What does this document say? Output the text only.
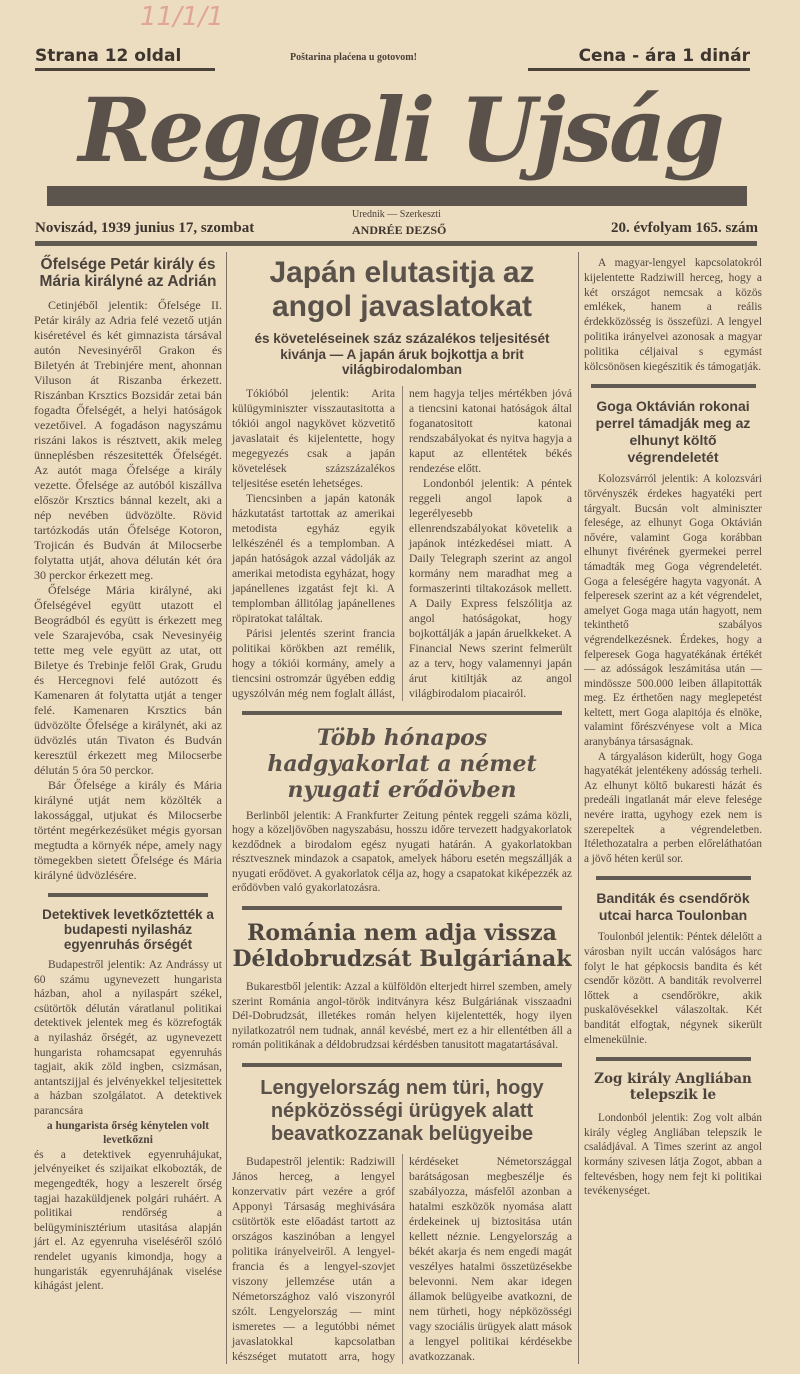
11/1/1
Strana 12 oldal	Poštarina plaćena u gotovom!	Cena - ára 1 dinár
Reggeli Ujság
Noviszád, 1939 junius 17, szombat
Urednik — Szerkeszti
ANDRÉE DEZSŐ	20. évfolyam 165. szám
Őfelsége Petár király és Mária királyné az Adrián

Cetinjéből jelentik: Őfelsége II. Petár király az Adria felé vezető utján kiséretével és két gimnazista társával autón Nevesinyéről Grakon és Biletyén át Trebinjére ment, ahonnan Viluson át Riszanba érkezett. Riszánban Krsztics Bozsidár zetai bán fogadta Őfelségét, a helyi hatóságok vezetőivel. A fogadáson nagyszámu riszáni lakos is résztvett, akik meleg ünneplésben részesitették Őfelségét. Az autót maga Őfelsége a király vezette. Őfelsége az autóból kiszállva először Krsztics bánnal kezelt, aki a nép nevében üdvözölte. Rövid tartózkodás után Őfelsége Kotoron, Trojicán és Budván át Milocserbe folytatta utját, ahova délután két óra 30 perckor érkezett meg.

Őfelsége Mária királyné, aki Őfelségével együtt utazott el Beográdból és együtt is érkezett meg vele Szarajevóba, csak Nevesinyéig tette meg vele együtt az utat, ott Biletye és Trebinje felől Grak, Grudu és Hercegnovi felé autózott és Kamenaren át folytatta utját a tenger felé. Kamenaren Krsztics bán üdvözölte Őfelsége a királynét, aki az üdvözlés után Tivaton és Budván keresztül érkezett meg Milocserbe délután 5 óra 50 perckor.

Bár Őfelsége a király és Mária királyné utját nem közölték a lakossággal, utjukat és Milocserbe történt megérkezésüket mégis gyorsan megtudta a környék népe, amely nagy tömegekben sietett Őfelsége és Mária királyné üdvözlésére.

Detektivek levetkőztették a budapesti nyilasház egyenruhás őrségét

Budapestről jelentik: Az Andrássy ut 60 számu ugynevezett hungarista házban, ahol a nyilaspárt székel, csütörtök délután váratlanul politikai detektivek jelentek meg és közrefogták a nyilasház őrségét, az ugynevezett hungarista rohamcsapat egyenruhás tagjait, akik zöld ingben, csizmásan, antantszijjal és jelvényekkel teljesitettek a házban szolgálatot. A detektivek parancsára

a hungarista őrség kénytelen volt levetkőzni

és a detektivek egyenruhájukat, jelvényeiket és szijaikat elkobozták, de megengedték, hogy a leszerelt őrség tagjai hazaküldjenek polgári ruháért. A politikai rendőrség a belügyminisztérium utasitása alapján járt el. Az egyenruha viseléséről szóló rendelet ugyanis kimondja, hogy a hungaristák egyenruhájának viselése kihágást jelent.

Japán elutasitja az angol javaslatokat
és követeléseinek száz százalékos teljesitését kivánja — A japán áruk bojkottja a brit világbirodalomban

Tókióból jelentik: Arita külügyminiszter visszautasitotta a tókiói angol nagykövet közvetitő javaslatait és kijelentette, hogy megegyezés csak a japán követelések százszázalékos teljesitése esetén lehetséges.

Tiencsinben a japán katonák házkutatást tartottak az amerikai metodista egyház egyik lelkészénél és a templomban. A japán hatóságok azzal vádolják az amerikai metodista egyházat, hogy japánellenes izgatást fejt ki. A templomban állitólag japánellenes röpiratokat találtak.

Párisi jelentés szerint francia politikai körökben azt remélik, hogy a tókiói kormány, amely a tiencsini ostromzár ügyében eddig ugyszólván még nem foglalt állást, nem hagyja teljes mértékben jóvá a tiencsini katonai hatóságok által foganatositott katonai rendszabályokat és nyitva hagyja a kaput az ellentétek békés rendezése előtt.

Londonból jelentik: A péntek reggeli angol lapok a legerélyesebb ellenrendszabályokat követelik a japánok intézkedései miatt. A Daily Telegraph szerint az angol kormány nem maradhat meg a formaszerinti tiltakozások mellett. A Daily Express felszólitja az angol hatóságokat, hogy bojkottálják a japán áruelkkeket. A Financial News szerint felmerült az a terv, hogy valamennyi japán árut kitiltják az angol világbirodalom piacairól.

Több hónapos hadgyakorlat a német nyugati erődövben

Berlinből jelentik: A Frankfurter Zeitung péntek reggeli száma közli, hogy a közeljövőben nagyszabásu, hosszu időre tervezett hadgyakorlatok kezdődnek a birodalom egész nyugati határán. A gyakorlatokban résztvesznek mindazok a csapatok, amelyek háboru esetén megszállják a nyugati erődövet. A gyakorlatok célja az, hogy a csapatokat kiképezzék az erődövben való gyakorlatozásra.

Románia nem adja vissza Déldobrudzsát Bulgáriának

Bukarestből jelentik: Azzal a külföldön elterjedt hirrel szemben, amely szerint Románia angol-török inditványra kész Bulgáriának visszaadni Dél-Dobrudzsát, illetékes román helyen kijelentették, hogy ilyen nyilatkozatról nem tudnak, annál kevésbé, mert ez a hir ellentétben áll a román politikának a déldobrudzsai kérdésben tanusitott magatartásával.

Lengyelország nem türi, hogy népközösségi ürügyek alatt beavatkozzanak belügyeibe

Budapestről jelentik: Radziwill János herceg, a lengyel konzervativ párt vezére a gróf Apponyi Társaság meghivására csütörtök este előadást tartott az országos kaszinóban a lengyel politika irányelveiről. A lengyel-francia és a lengyel-szovjet viszony jellemzése után a Németországhoz való viszonyról szólt. Lengyelország — mint ismeretes — a legutóbbi német javaslatokkal kapcsolatban készséget mutatott arra, hogy kérdéseket Németországgal barátságosan megbeszélje és szabályozza, másfelől azonban a hatalmi eszközök nyomása alatt érdekeinek uj biztositása után kellett néznie. Lengyelország a békét akarja és nem engedi magát veszélyes hatalmi összetüzésekbe belevonni. Nem akar idegen államok belügyeibe avatkozni, de nem türheti, hogy népközösségi vagy szociális ürügyek alatt mások a lengyel politikai kérdésekbe avatkozzanak.

A magyar-lengyel kapcsolatokról kijelentette Radziwill herceg, hogy a két országot nemcsak a közös emlékek, hanem a reális érdekközösség is összefüzi. A lengyel politika irányelvei azonosak a magyar politika céljaival s egymást kölcsönösen kiegészitik és támogatják.

Goga Oktávián rokonai perrel támadják meg az elhunyt költő végrendeletét

Kolozsvárról jelentik: A kolozsvári törvényszék érdekes hagyatéki pert tárgyalt. Bucsán volt alminiszter felesége, az elhunyt Goga Oktávián nővére, valamint Goga korábban elhunyt fivérének gyermekei perrel támadták meg Goga végrendeletét. Goga a feleségére hagyta vagyonát. A felperesek szerint az a két végrendelet, amelyet Goga maga után hagyott, nem tekinthető szabályos végrendelkezésnek. Érdekes, hogy a felperesek Goga hagyatékának értékét — az adósságok leszámitása után — mindössze 500.000 leiben állapitották meg. Ez érthetően nagy meglepetést keltett, mert Goga alapitója és elnöke, valamint főrészvényese volt a Mica aranybánya társaságnak.

A tárgyaláson kiderült, hogy Goga hagyatékát jelentékeny adósság terheli. Az elhunyt költő bukaresti házát és predeáli ingatlanát már eleve felesége nevére iratta, ugyhogy ezek nem is szerepeltek a végrendeletben. Itélethozatalra a perben előreláthatóan a jövő héten kerül sor.

Banditák és csendőrök utcai harca Toulonban

Toulonból jelentik: Péntek délelőtt a városban nyilt uccán valóságos harc folyt le hat gépkocsis bandita és két csendőr között. A banditák revolverrel lőttek a csendőrökre, akik puskalövésekkel válaszoltak. Két banditát elfogtak, négynek sikerült elmenekülnie.

Zog király Angliában telepszik le

Londonból jelentik: Zog volt albán király végleg Angliában telepszik le családjával. A Times szerint az angol kormány szivesen látja Zogot, abban a feltevésben, hogy nem fejt ki politikai tevékenységet.
